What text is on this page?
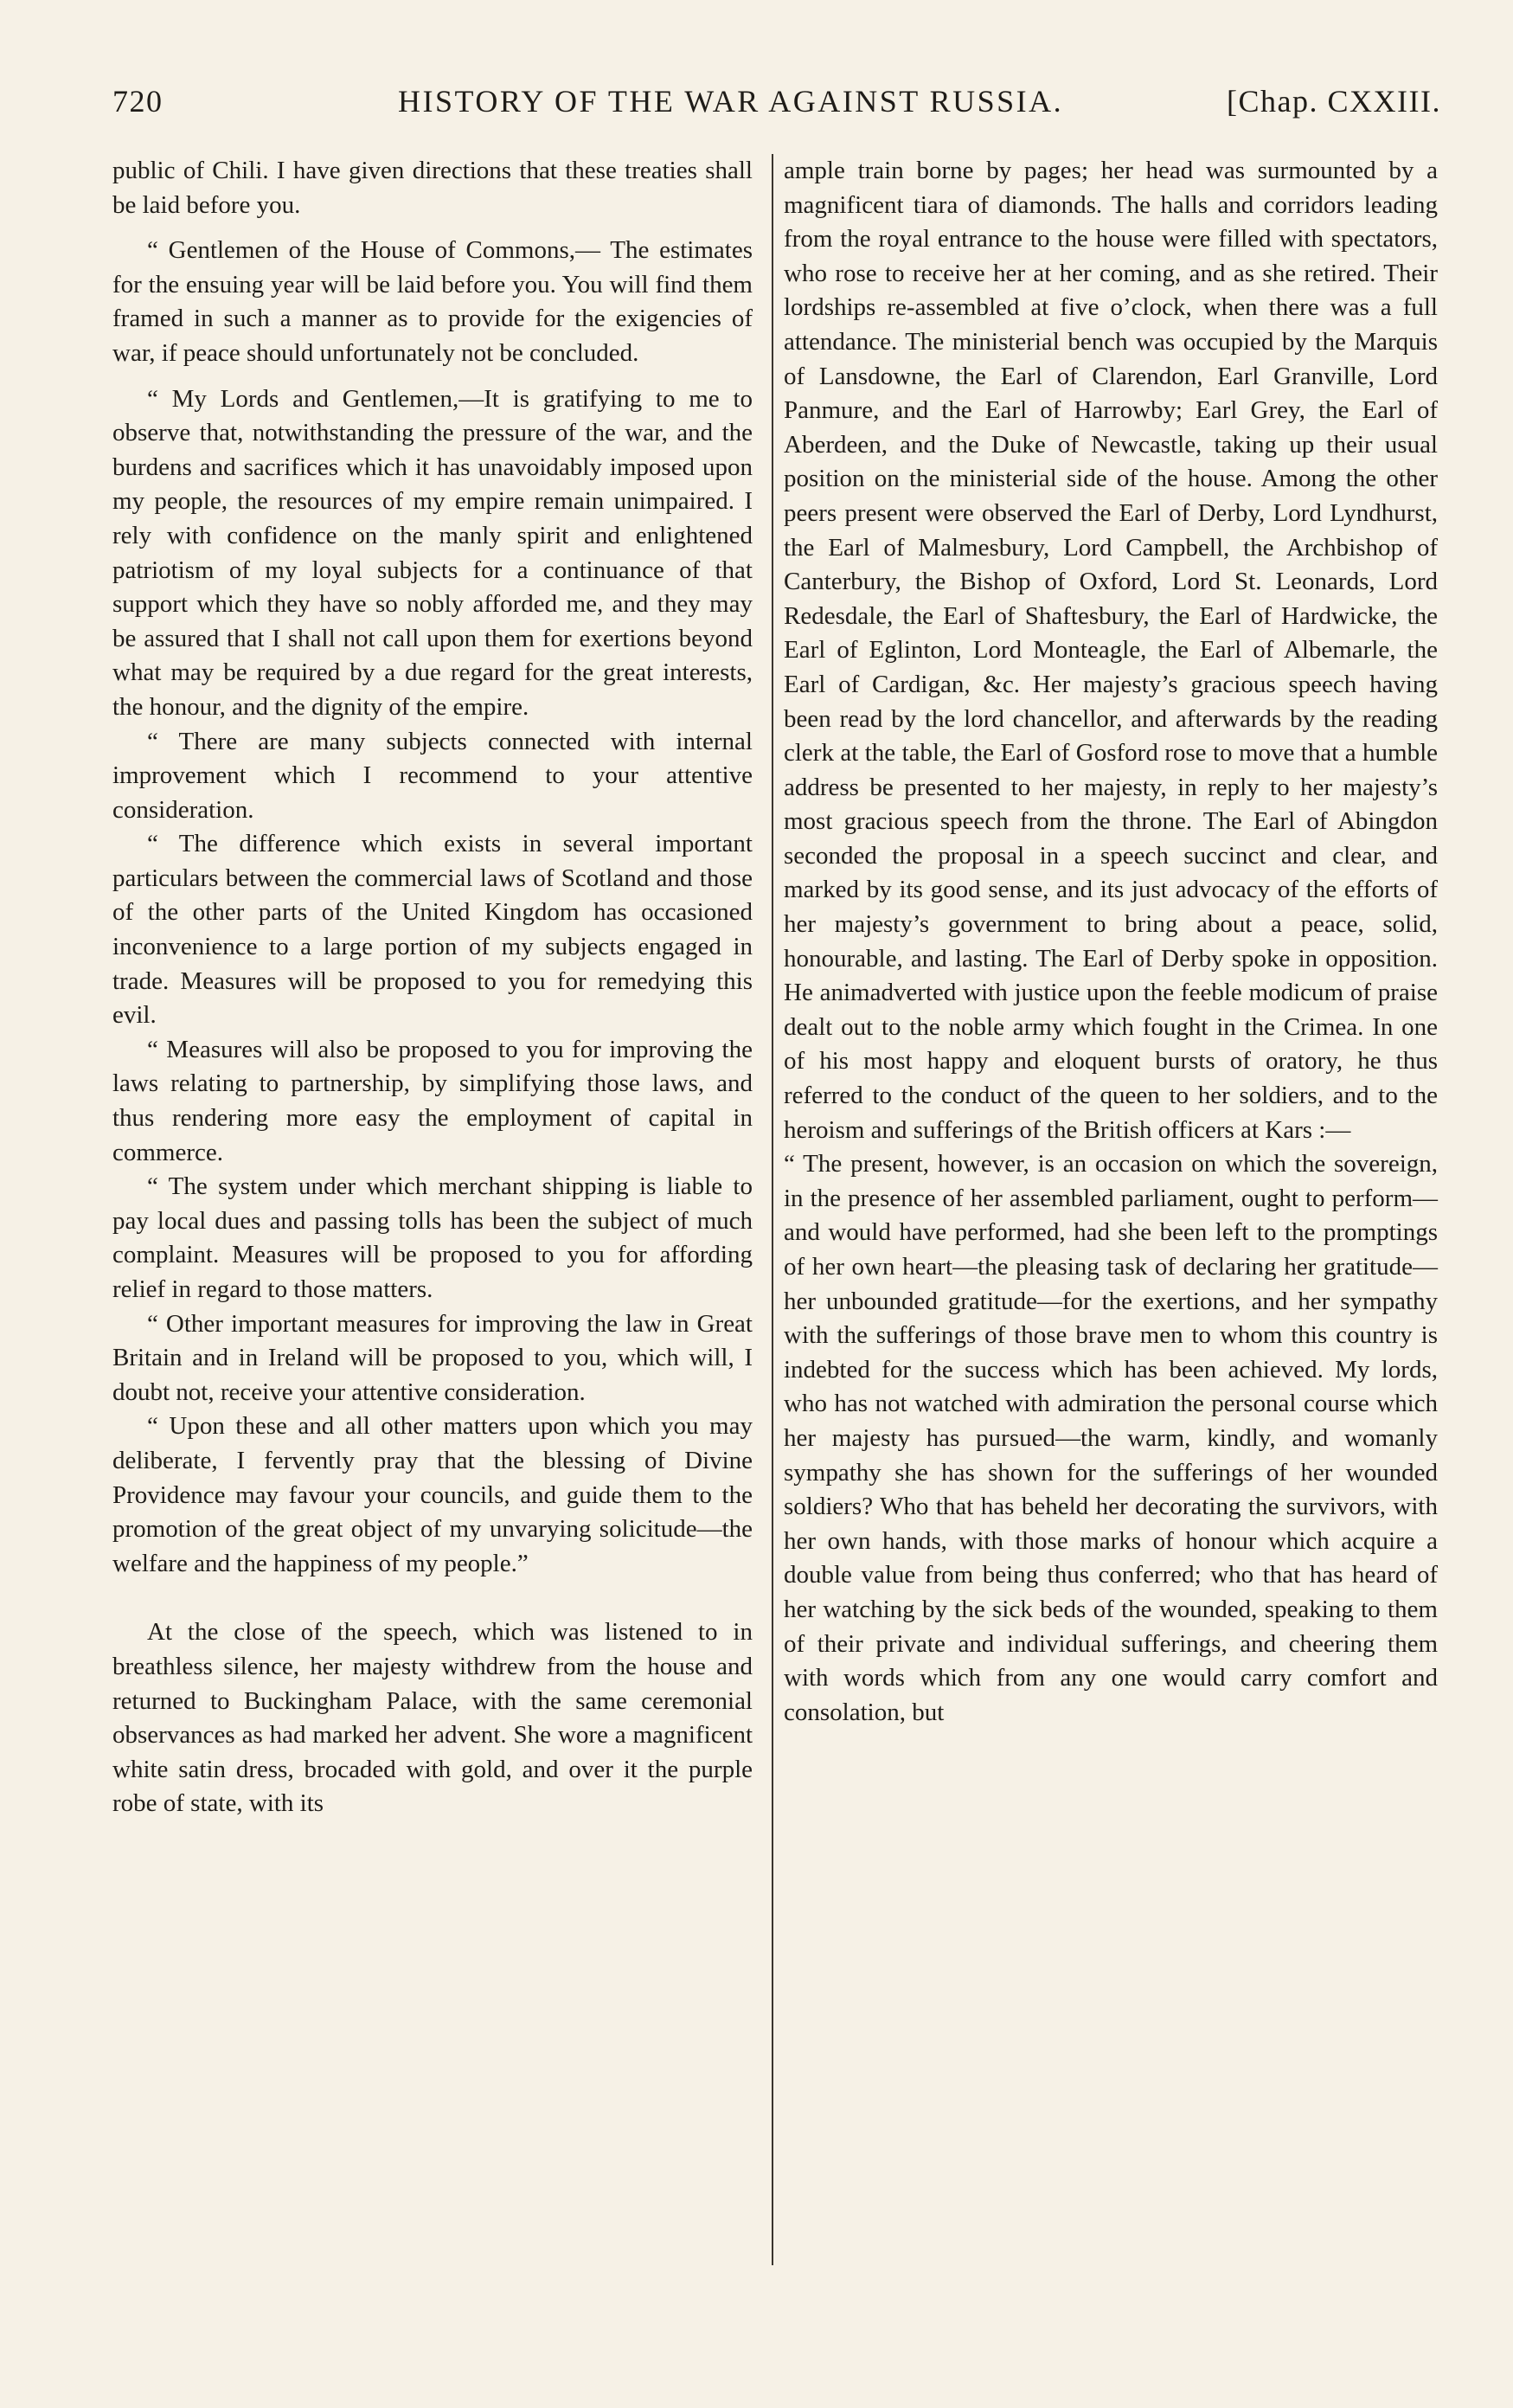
720	HISTORY OF THE WAR AGAINST RUSSIA.	[Chap. CXXIII.

public of Chili. I have given directions that these treaties shall be laid before you.

“ Gentlemen of the House of Commons,— The estimates for the ensuing year will be laid before you. You will find them framed in such a manner as to provide for the exigencies of war, if peace should unfortunately not be concluded.

“ My Lords and Gentlemen,—It is gratifying to me to observe that, notwithstanding the pressure of the war, and the burdens and sacrifices which it has unavoidably imposed upon my people, the resources of my empire remain unimpaired. I rely with confidence on the manly spirit and enlightened patriotism of my loyal subjects for a continuance of that support which they have so nobly afforded me, and they may be assured that I shall not call upon them for exertions beyond what may be required by a due regard for the great interests, the honour, and the dignity of the empire.

“ There are many subjects connected with internal improvement which I recommend to your attentive consideration.

“ The difference which exists in several important particulars between the commercial laws of Scotland and those of the other parts of the United Kingdom has occasioned inconvenience to a large portion of my subjects engaged in trade. Measures will be proposed to you for remedying this evil.

“ Measures will also be proposed to you for improving the laws relating to partnership, by simplifying those laws, and thus rendering more easy the employment of capital in commerce.

“ The system under which merchant shipping is liable to pay local dues and passing tolls has been the subject of much complaint. Measures will be proposed to you for affording relief in regard to those matters.

“ Other important measures for improving the law in Great Britain and in Ireland will be proposed to you, which will, I doubt not, receive your attentive consideration.

“ Upon these and all other matters upon which you may deliberate, I fervently pray that the blessing of Divine Providence may favour your councils, and guide them to the promotion of the great object of my unvarying solicitude—the welfare and the happiness of my people.”

At the close of the speech, which was listened to in breathless silence, her majesty withdrew from the house and returned to Buckingham Palace, with the same ceremonial observances as had marked her advent. She wore a magnificent white satin dress, brocaded with gold, and over it the purple robe of state, with its

ample train borne by pages; her head was surmounted by a magnificent tiara of diamonds. The halls and corridors leading from the royal entrance to the house were filled with spectators, who rose to receive her at her coming, and as she retired. Their lordships re-assembled at five o’clock, when there was a full attendance. The ministerial bench was occupied by the Marquis of Lansdowne, the Earl of Clarendon, Earl Granville, Lord Panmure, and the Earl of Harrowby; Earl Grey, the Earl of Aberdeen, and the Duke of Newcastle, taking up their usual position on the ministerial side of the house. Among the other peers present were observed the Earl of Derby, Lord Lyndhurst, the Earl of Malmesbury, Lord Campbell, the Archbishop of Canterbury, the Bishop of Oxford, Lord St. Leonards, Lord Redesdale, the Earl of Shaftesbury, the Earl of Hardwicke, the Earl of Eglinton, Lord Monteagle, the Earl of Albemarle, the Earl of Cardigan, &c. Her majesty’s gracious speech having been read by the lord chancellor, and afterwards by the reading clerk at the table, the Earl of Gosford rose to move that a humble address be presented to her majesty, in reply to her majesty’s most gracious speech from the throne. The Earl of Abingdon seconded the proposal in a speech succinct and clear, and marked by its good sense, and its just advocacy of the efforts of her majesty’s government to bring about a peace, solid, honourable, and lasting. The Earl of Derby spoke in opposition. He animadverted with justice upon the feeble modicum of praise dealt out to the noble army which fought in the Crimea. In one of his most happy and eloquent bursts of oratory, he thus referred to the conduct of the queen to her soldiers, and to the heroism and sufferings of the British officers at Kars :—

“ The present, however, is an occasion on which the sovereign, in the presence of her assembled parliament, ought to perform—and would have performed, had she been left to the promptings of her own heart—the pleasing task of declaring her gratitude—her unbounded gratitude—for the exertions, and her sympathy with the sufferings of those brave men to whom this country is indebted for the success which has been achieved. My lords, who has not watched with admiration the personal course which her majesty has pursued—the warm, kindly, and womanly sympathy she has shown for the sufferings of her wounded soldiers? Who that has beheld her decorating the survivors, with her own hands, with those marks of honour which acquire a double value from being thus conferred; who that has heard of her watching by the sick beds of the wounded, speaking to them of their private and individual sufferings, and cheering them with words which from any one would carry comfort and consolation, but
